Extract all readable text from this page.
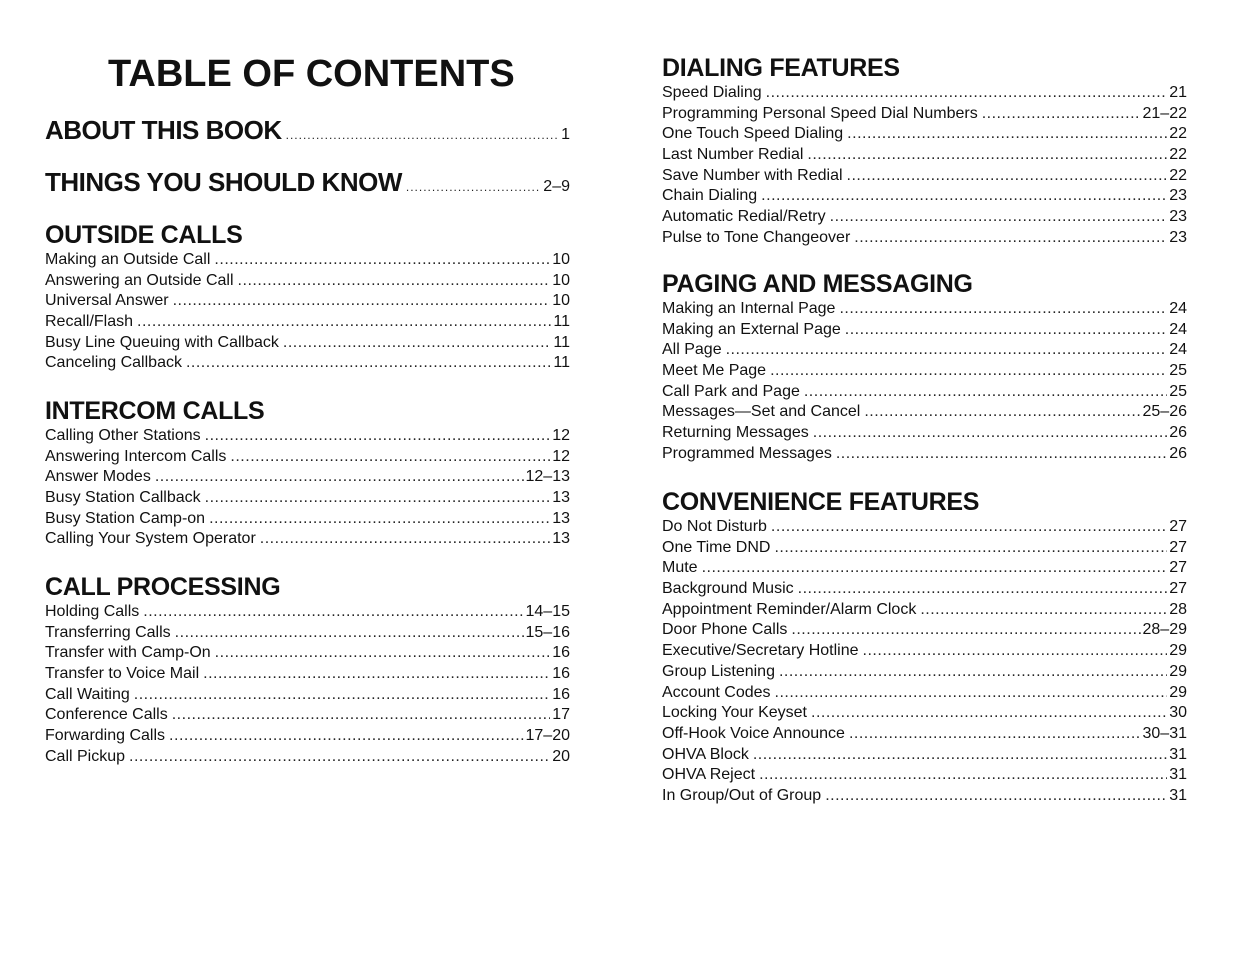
TABLE OF CONTENTS
ABOUT THIS BOOK .....	1
THINGS YOU SHOULD KNOW .....	2–9
OUTSIDE CALLS
Making an Outside Call .....	10
Answering an Outside Call .....	10
Universal Answer .....	10
Recall/Flash .....	11
Busy Line Queuing with Callback .....	11
Canceling Callback .....	11
INTERCOM CALLS
Calling Other Stations .....	12
Answering Intercom Calls .....	12
Answer Modes .....	12–13
Busy Station Callback .....	13
Busy Station Camp-on .....	13
Calling Your System Operator .....	13
CALL PROCESSING
Holding Calls .....	14–15
Transferring Calls .....	15–16
Transfer with Camp-On .....	16
Transfer to Voice Mail .....	16
Call Waiting .....	16
Conference Calls .....	17
Forwarding Calls .....	17–20
Call Pickup .....	20
DIALING FEATURES
Speed Dialing .....	21
Programming Personal Speed Dial Numbers .....	21–22
One Touch Speed Dialing .....	22
Last Number Redial .....	22
Save Number with Redial .....	22
Chain Dialing .....	23
Automatic Redial/Retry .....	23
Pulse to Tone Changeover .....	23
PAGING AND MESSAGING
Making an Internal Page .....	24
Making an External Page .....	24
All Page .....	24
Meet Me Page .....	25
Call Park and Page .....	25
Messages—Set and Cancel .....	25–26
Returning Messages .....	26
Programmed Messages .....	26
CONVENIENCE FEATURES
Do Not Disturb .....	27
One Time DND .....	27
Mute .....	27
Background Music .....	27
Appointment Reminder/Alarm Clock .....	28
Door Phone Calls .....	28–29
Executive/Secretary Hotline .....	29
Group Listening .....	29
Account Codes .....	29
Locking Your Keyset .....	30
Off-Hook Voice Announce .....	30–31
OHVA Block .....	31
OHVA Reject .....	31
In Group/Out of Group .....	31
